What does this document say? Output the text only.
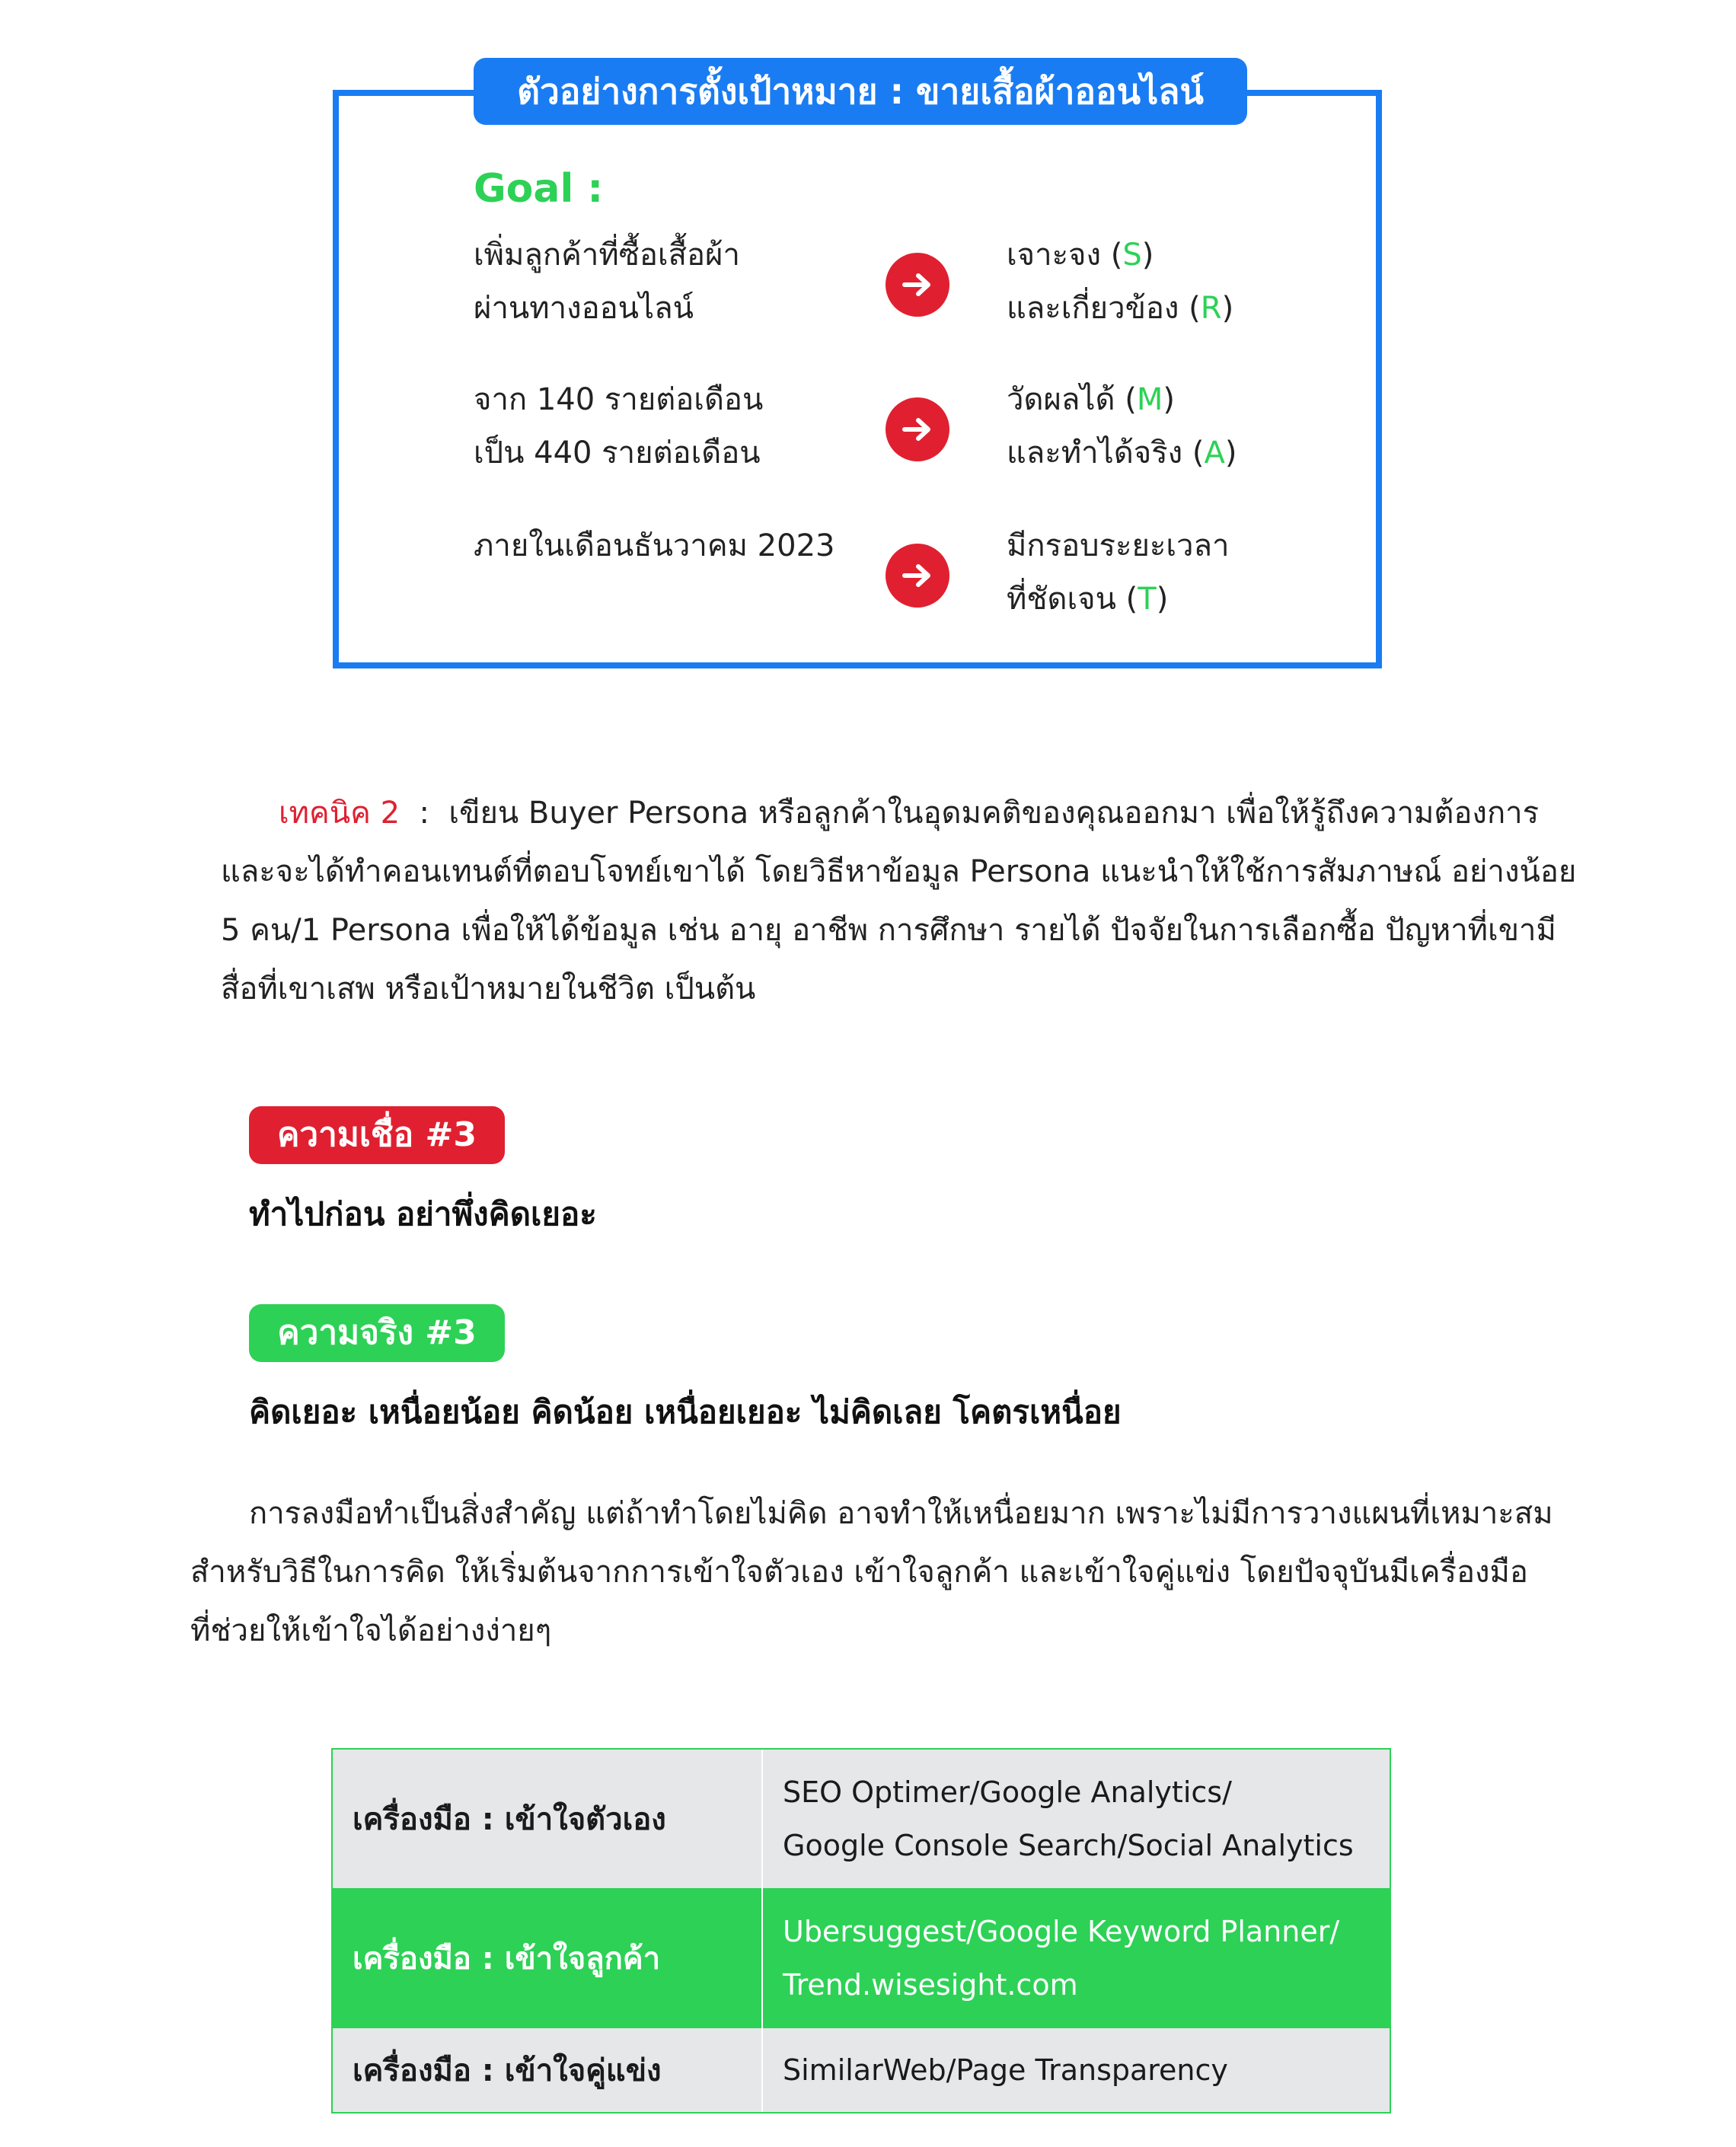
ตัวอย่างการตั้งเป้าหมาย : ขายเสื้อผ้าออนไลน์
Goal :
เพิ่มลูกค้าที่ซื้อเสื้อผ้า
ผ่านทางออนไลน์
เจาะจง (S)
และเกี่ยวข้อง (R)
จาก 140 รายต่อเดือน
เป็น 440 รายต่อเดือน
วัดผลได้ (M)
และทำได้จริง (A)
ภายในเดือนธันวาคม 2023	มีกรอบระยะเวลา
ที่ชัดเจน (T)
เทคนิค 2 : เขียน Buyer Persona หรือลูกค้าในอุดมคติของคุณออกมา เพื่อให้รู้ถึงความต้องการ
และจะได้ทำคอนเทนต์ที่ตอบโจทย์เขาได้ โดยวิธีหาข้อมูล Persona แนะนำให้ใช้การสัมภาษณ์ อย่างน้อย
5 คน/1 Persona เพื่อให้ได้ข้อมูล เช่น อายุ อาชีพ การศึกษา รายได้ ปัจจัยในการเลือกซื้อ ปัญหาที่เขามี
สื่อที่เขาเสพ หรือเป้าหมายในชีวิต เป็นต้น
ความเชื่อ #3
ทำไปก่อน อย่าพึ่งคิดเยอะ
ความจริง #3
คิดเยอะ เหนื่อยน้อย คิดน้อย เหนื่อยเยอะ ไม่คิดเลย โคตรเหนื่อย
การลงมือทำเป็นสิ่งสำคัญ แต่ถ้าทำโดยไม่คิด อาจทำให้เหนื่อยมาก เพราะไม่มีการวางแผนที่เหมาะสม
สำหรับวิธีในการคิด ให้เริ่มต้นจากการเข้าใจตัวเอง เข้าใจลูกค้า และเข้าใจคู่แข่ง โดยปัจจุบันมีเครื่องมือ
ที่ช่วยให้เข้าใจได้อย่างง่ายๆ
เครื่องมือ : เข้าใจตัวเอง
SEO Optimer/Google Analytics/
Google Console Search/Social Analytics
เครื่องมือ : เข้าใจลูกค้า
Ubersuggest/Google Keyword Planner/
Trend.wisesight.com
เครื่องมือ : เข้าใจคู่แข่ง	SimilarWeb/Page Transparency
